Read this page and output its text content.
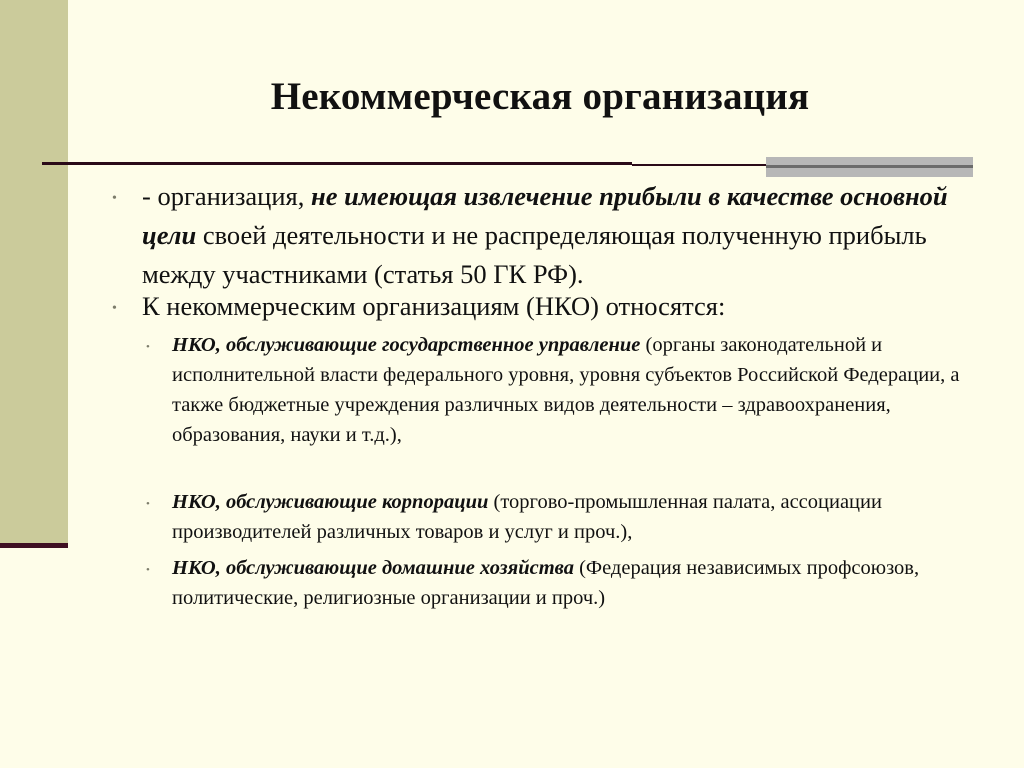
Некоммерческая организация
• - организация, не имеющая извлечение прибыли в качестве основной цели своей деятельности и не распределяющая полученную прибыль между участниками (статья 50 ГК РФ).
• К некоммерческим организациям (НКО) относятся:
• НКО, обслуживающие государственное управление (органы законодательной и исполнительной власти федерального уровня, уровня субъектов Российской Федерации, а также бюджетные учреждения различных видов деятельности – здравоохранения, образования, науки и т.д.),
• НКО, обслуживающие корпорации (торгово-промышленная палата, ассоциации производителей различных товаров и услуг и проч.),
• НКО, обслуживающие домашние хозяйства (Федерация независимых профсоюзов, политические, религиозные организации и проч.)
